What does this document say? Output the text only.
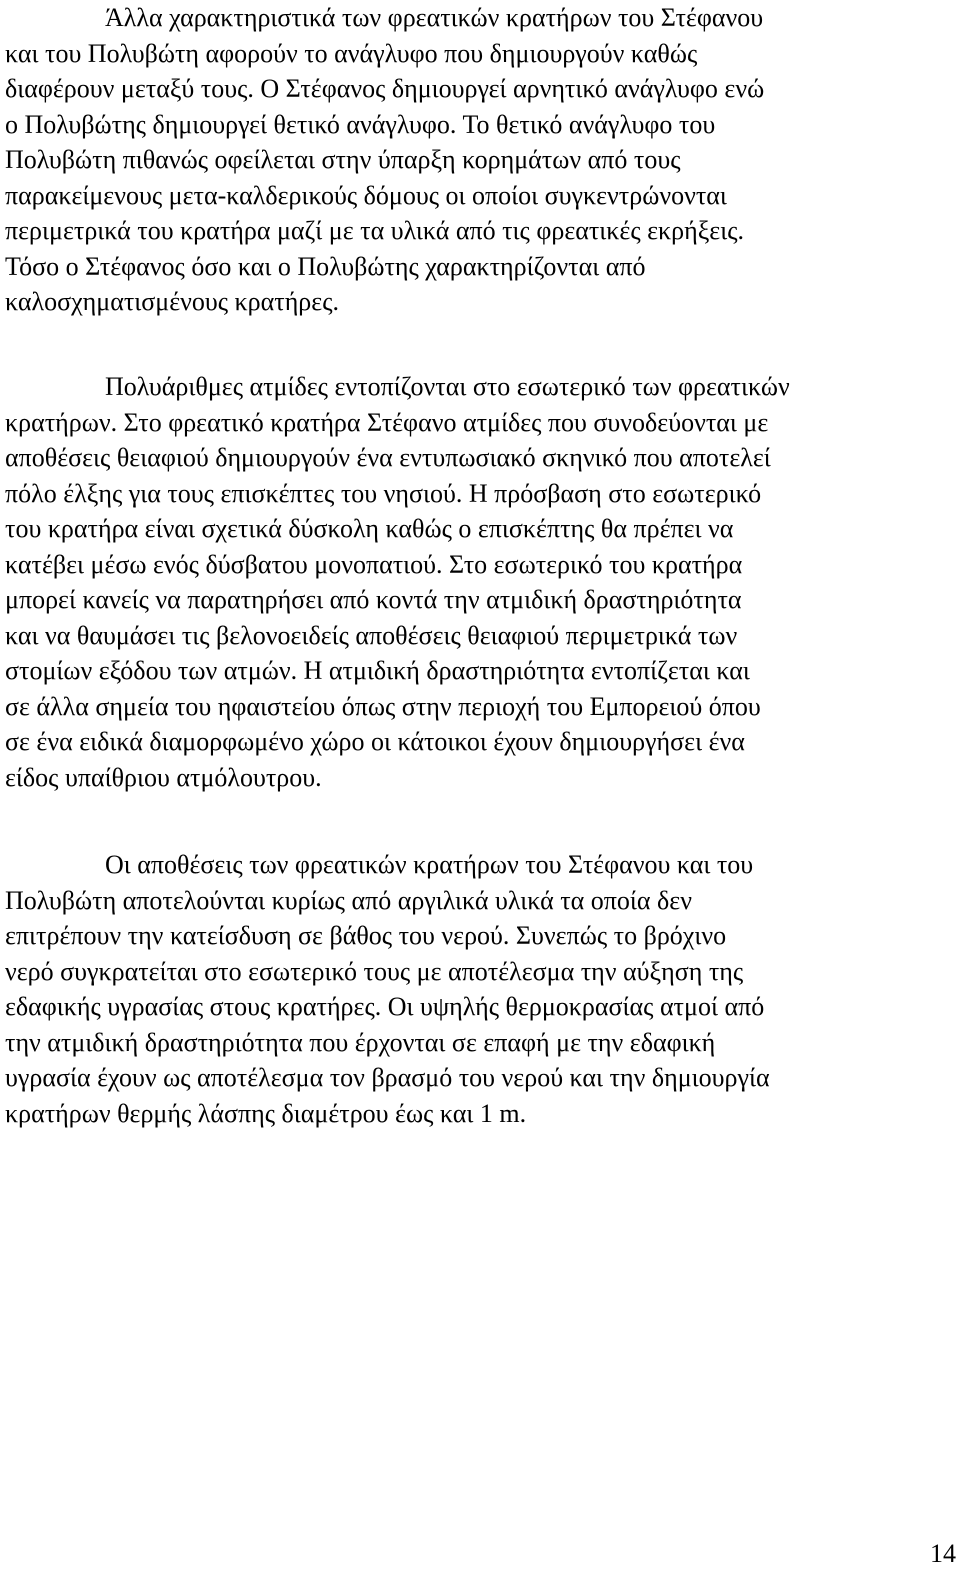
Άλλα χαρακτηριστικά των φρεατικών κρατήρων του Στέφανου
και του Πολυβώτη αφορούν το ανάγλυφο που δημιουργούν καθώς
διαφέρουν μεταξύ τους. Ο Στέφανος δημιουργεί αρνητικό ανάγλυφο ενώ
ο Πολυβώτης δημιουργεί θετικό ανάγλυφο. Το θετικό ανάγλυφο του
Πολυβώτη πιθανώς οφείλεται στην ύπαρξη κορημάτων από τους
παρακείμενους μετα-καλδερικούς δόμους οι οποίοι συγκεντρώνονται
περιμετρικά του κρατήρα μαζί με τα υλικά από τις φρεατικές εκρήξεις.
Τόσο ο Στέφανος όσο και ο Πολυβώτης χαρακτηρίζονται από
καλοσχηματισμένους κρατήρες.

Πολυάριθμες ατμίδες εντοπίζονται στο εσωτερικό των φρεατικών
κρατήρων. Στο φρεατικό κρατήρα Στέφανο ατμίδες που συνοδεύονται με
αποθέσεις θειαφιού δημιουργούν ένα εντυπωσιακό σκηνικό που αποτελεί
πόλο έλξης για τους επισκέπτες του νησιού. Η πρόσβαση στο εσωτερικό
του κρατήρα είναι σχετικά δύσκολη καθώς ο επισκέπτης θα πρέπει να
κατέβει μέσω ενός δύσβατου μονοπατιού. Στο εσωτερικό του κρατήρα
μπορεί κανείς να παρατηρήσει από κοντά την ατμιδική δραστηριότητα
και να θαυμάσει τις βελονοειδείς αποθέσεις θειαφιού περιμετρικά των
στομίων εξόδου των ατμών. Η ατμιδική δραστηριότητα εντοπίζεται και
σε άλλα σημεία του ηφαιστείου όπως στην περιοχή του Εμπορειού όπου
σε ένα ειδικά διαμορφωμένο χώρο οι κάτοικοι έχουν δημιουργήσει ένα
είδος υπαίθριου ατμόλουτρου.

Οι αποθέσεις των φρεατικών κρατήρων του Στέφανου και του
Πολυβώτη αποτελούνται κυρίως από αργιλικά υλικά τα οποία δεν
επιτρέπουν την κατείσδυση σε βάθος του νερού. Συνεπώς το βρόχινο
νερό συγκρατείται στο εσωτερικό τους με αποτέλεσμα την αύξηση της
εδαφικής υγρασίας στους κρατήρες. Οι υψηλής θερμοκρασίας ατμοί από
την ατμιδική δραστηριότητα που έρχονται σε επαφή με την εδαφική
υγρασία έχουν ως αποτέλεσμα τον βρασμό του νερού και την δημιουργία
κρατήρων θερμής λάσπης διαμέτρου έως και 1 m.

14
